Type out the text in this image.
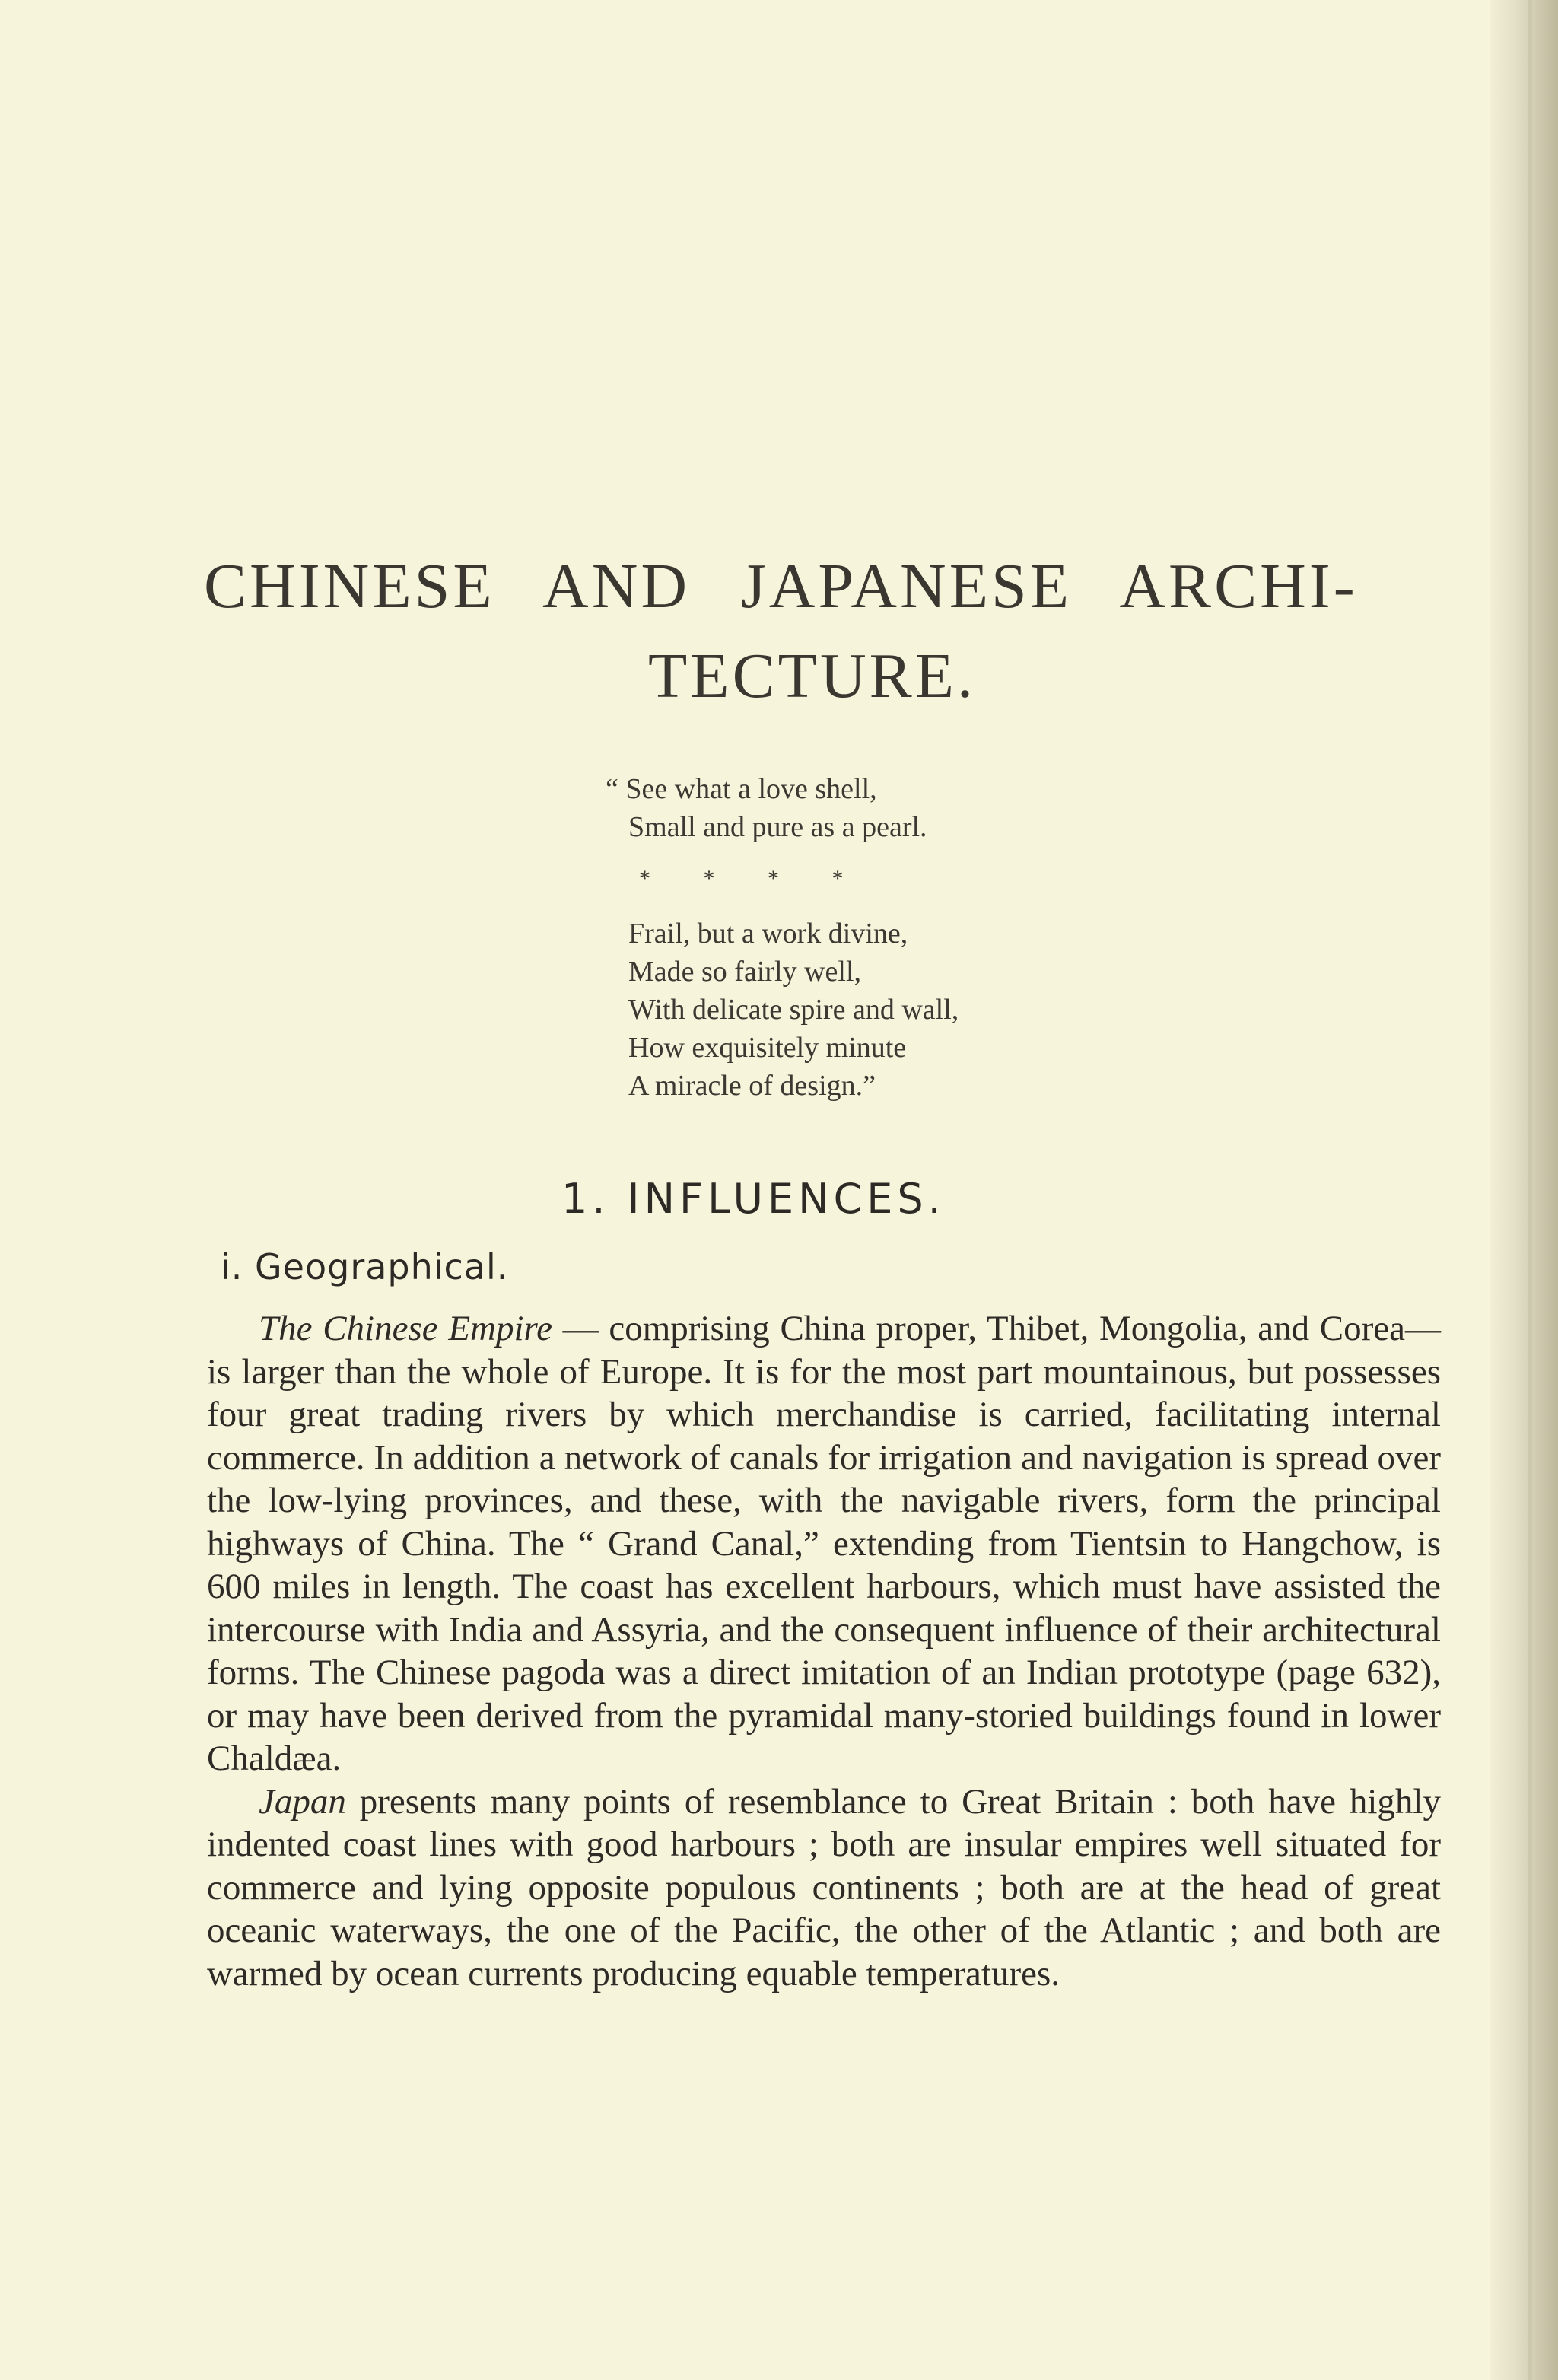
CHINESE AND JAPANESE ARCHI-
TECTURE.
“ See what a love shell,
Small and pure as a pearl.
* * * *
Frail, but a work divine,
Made so fairly well,
With delicate spire and wall,
How exquisitely minute
A miracle of design.”
1. INFLUENCES.
i. Geographical.

The Chinese Empire — comprising China proper, Thibet, Mongolia, and Corea—is larger than the whole of Europe. It is for the most part mountainous, but possesses four great trading rivers by which merchandise is carried, facilitating internal commerce. In addition a network of canals for irrigation and navigation is spread over the low-lying provinces, and these, with the navigable rivers, form the principal highways of China. The “ Grand Canal,” extending from Tientsin to Hangchow, is 600 miles in length. The coast has excellent harbours, which must have assisted the intercourse with India and Assyria, and the consequent influence of their architectural forms. The Chinese pagoda was a direct imitation of an Indian prototype (page 632), or may have been derived from the pyramidal many-storied buildings found in lower Chaldæa.

Japan presents many points of resemblance to Great Britain : both have highly indented coast lines with good harbours ; both are insular empires well situated for commerce and lying opposite populous continents ; both are at the head of great oceanic waterways, the one of the Pacific, the other of the Atlantic ; and both are warmed by ocean currents producing equable temperatures.
